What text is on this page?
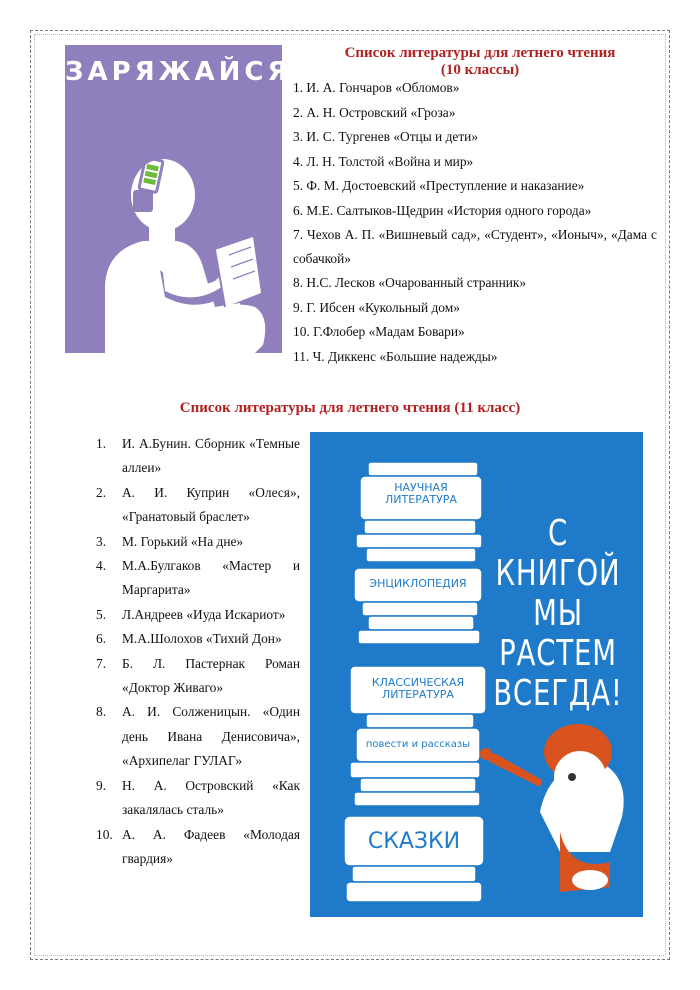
ЗАРЯЖАЙСЯ!
Список литературы для летнего чтения
(10 классы)
1. И. А. Гончаров «Обломов»
2. А. Н. Островский «Гроза»
3. И. С. Тургенев «Отцы и дети»
4. Л. Н. Толстой «Война и мир»
5. Ф. М. Достоевский «Преступление и наказание»
6. М.Е. Салтыков-Щедрин «История одного города»
7. Чехов А. П. «Вишневый сад», «Студент», «Ионыч», «Дама с собачкой»
8. Н.С. Лесков «Очарованный странник»
9. Г. Ибсен «Кукольный дом»
10. Г.Флобер «Мадам Бовари»
11. Ч. Диккенс «Большие надежды»
Список литературы для летнего чтения (11 класс)
1. И. А.Бунин. Сборник «Темные аллеи»
2. А. И. Куприн «Олеся», «Гранатовый браслет»
3. М. Горький «На дне»
4. М.А.Булгаков «Мастер и Маргарита»
5. Л.Андреев «Иуда Искариот»
6. М.А.Шолохов «Тихий Дон»
7. Б. Л. Пастернак Роман «Доктор Живаго»
8. А. И. Солженицын. «Один день Ивана Денисовича», «Архипелаг ГУЛАГ»
9. Н. А. Островский «Как закалялась сталь»
10. А. А. Фадеев «Молодая гвардия»
НАУЧНАЯ
ЛИТЕРАТУРА
ЭНЦИКЛОПЕДИЯ
КЛАССИЧЕСКАЯ
ЛИТЕРАТУРА
повести и рассказы
СКАЗКИ
С КНИГОЙ
МЫ
РАСТЕМ
ВСЕГДА!
